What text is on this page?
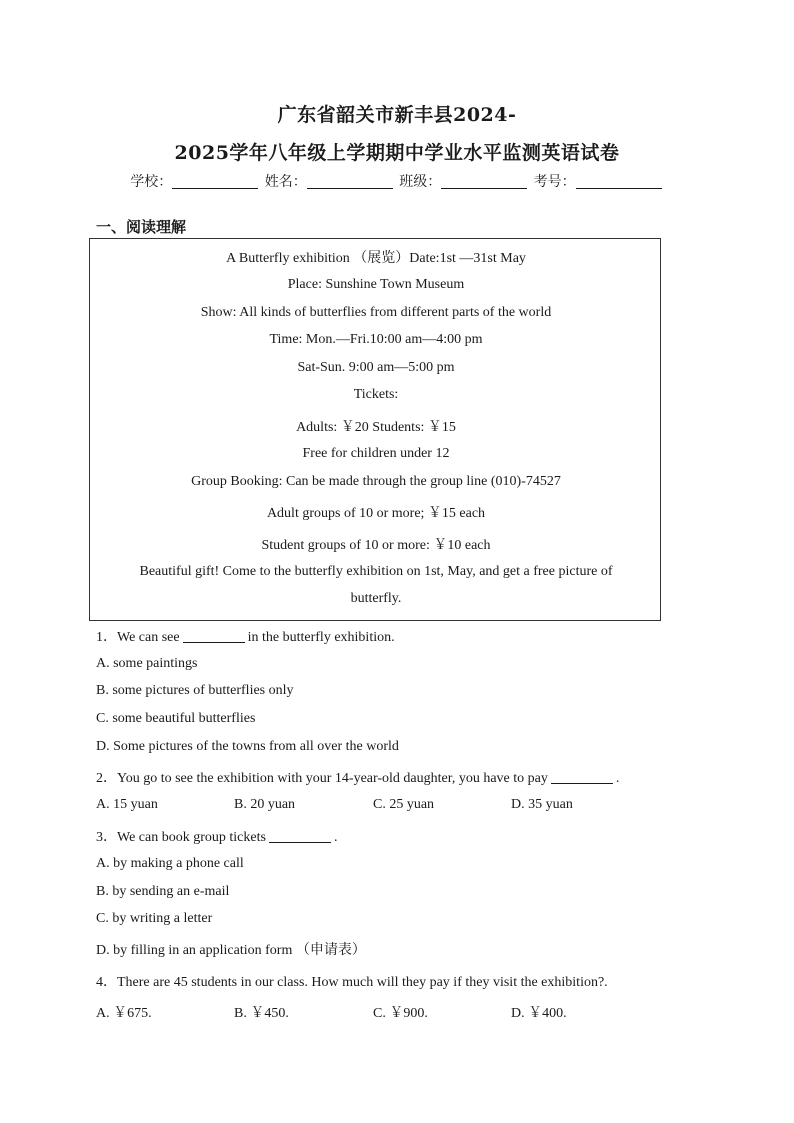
广东省韶关市新丰县2024-
2025学年八年级上学期期中学业水平监测英语试卷
学校：	姓名：	班级：	考号：
一、阅读理解
A Butterfly exhibition （展览）Date:1st —31st May
Place: Sunshine Town Museum
Show: All kinds of butterflies from different parts of the world
Time: Mon.—Fri.10:00 am—4:00 pm
Sat-Sun. 9:00 am—5:00 pm
Tickets:
Adults: ￥20 Students: ￥15
Free for children under 12
Group Booking: Can be made through the group line (010)-74527
Adult groups of 10 or more; ￥15 each
Student groups of 10 or more: ￥10 each
Beautiful gift! Come to the butterfly exhibition on 1st, May, and get a free picture of
butterfly.
1．We can see	in the butterfly exhibition.
A. some paintings
B. some pictures of butterflies only
C. some beautiful butterflies
D. Some pictures of the towns from all over the world
2．You go to see the exhibition with your 14-year-old daughter, you have to pay	.
A. 15 yuan	B. 20 yuan	C. 25 yuan	D. 35 yuan
3．We can book group tickets	.
A. by making a phone call
B. by sending an e-mail
C. by writing a letter
D. by filling in an application form （申请表）
4．There are 45 students in our class. How much will they pay if they visit the exhibition?.
A. ￥675.	B. ￥450.	C. ￥900.	D. ￥400.
